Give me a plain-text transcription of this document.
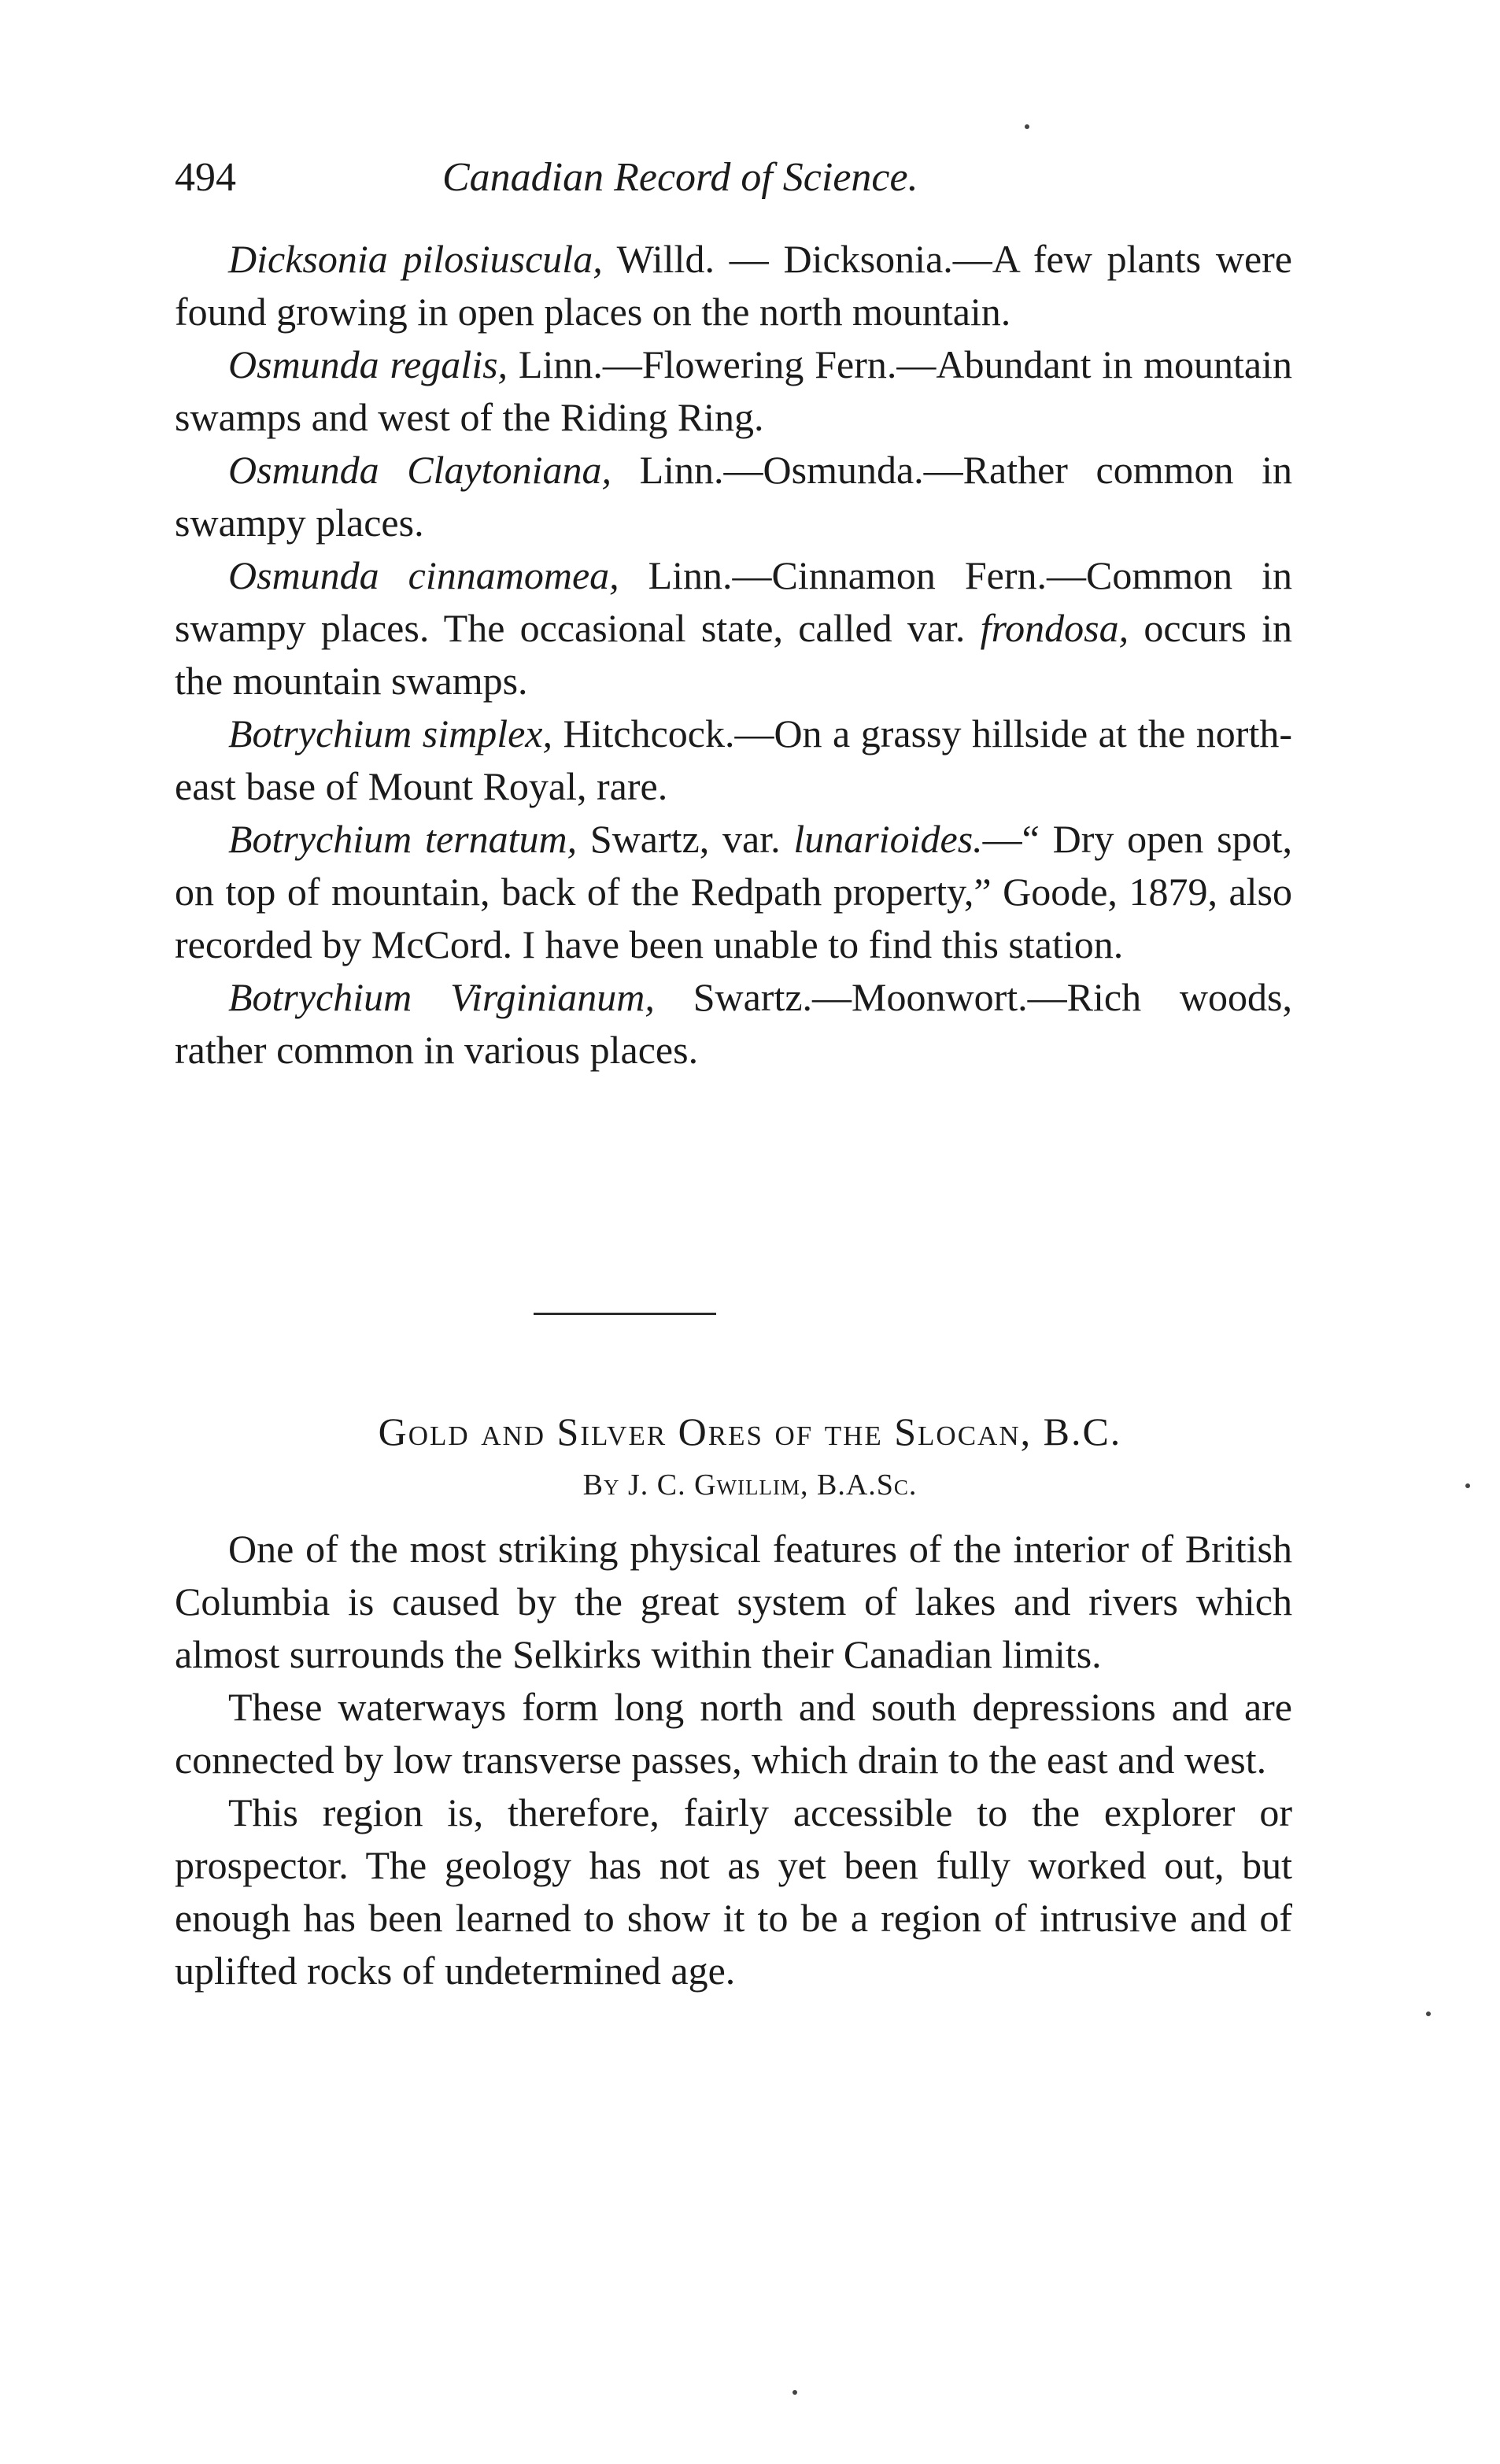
494	Canadian Record of Science.

Dicksonia pilosiuscula, Willd. — Dicksonia.—A few plants were found growing in open places on the north mountain.

Osmunda regalis, Linn.—Flowering Fern.—Abundant in mountain swamps and west of the Riding Ring.

Osmunda Claytoniana, Linn.—Osmunda.—Rather common in swampy places.

Osmunda cinnamomea, Linn.—Cinnamon Fern.—Common in swampy places. The occasional state, called var. frondosa, occurs in the mountain swamps.

Botrychium simplex, Hitchcock.—On a grassy hillside at the north-east base of Mount Royal, rare.

Botrychium ternatum, Swartz, var. lunarioides.—“ Dry open spot, on top of mountain, back of the Redpath property,” Goode, 1879, also recorded by McCord. I have been unable to find this station.

Botrychium Virginianum, Swartz.—Moonwort.—Rich woods, rather common in various places.

Gold and Silver Ores of the Slocan, B.C.
By J. C. Gwillim, B.A.Sc.

One of the most striking physical features of the interior of British Columbia is caused by the great system of lakes and rivers which almost surrounds the Selkirks within their Canadian limits.

These waterways form long north and south depressions and are connected by low transverse passes, which drain to the east and west.

This region is, therefore, fairly accessible to the explorer or prospector. The geology has not as yet been fully worked out, but enough has been learned to show it to be a region of intrusive and of uplifted rocks of undetermined age.
